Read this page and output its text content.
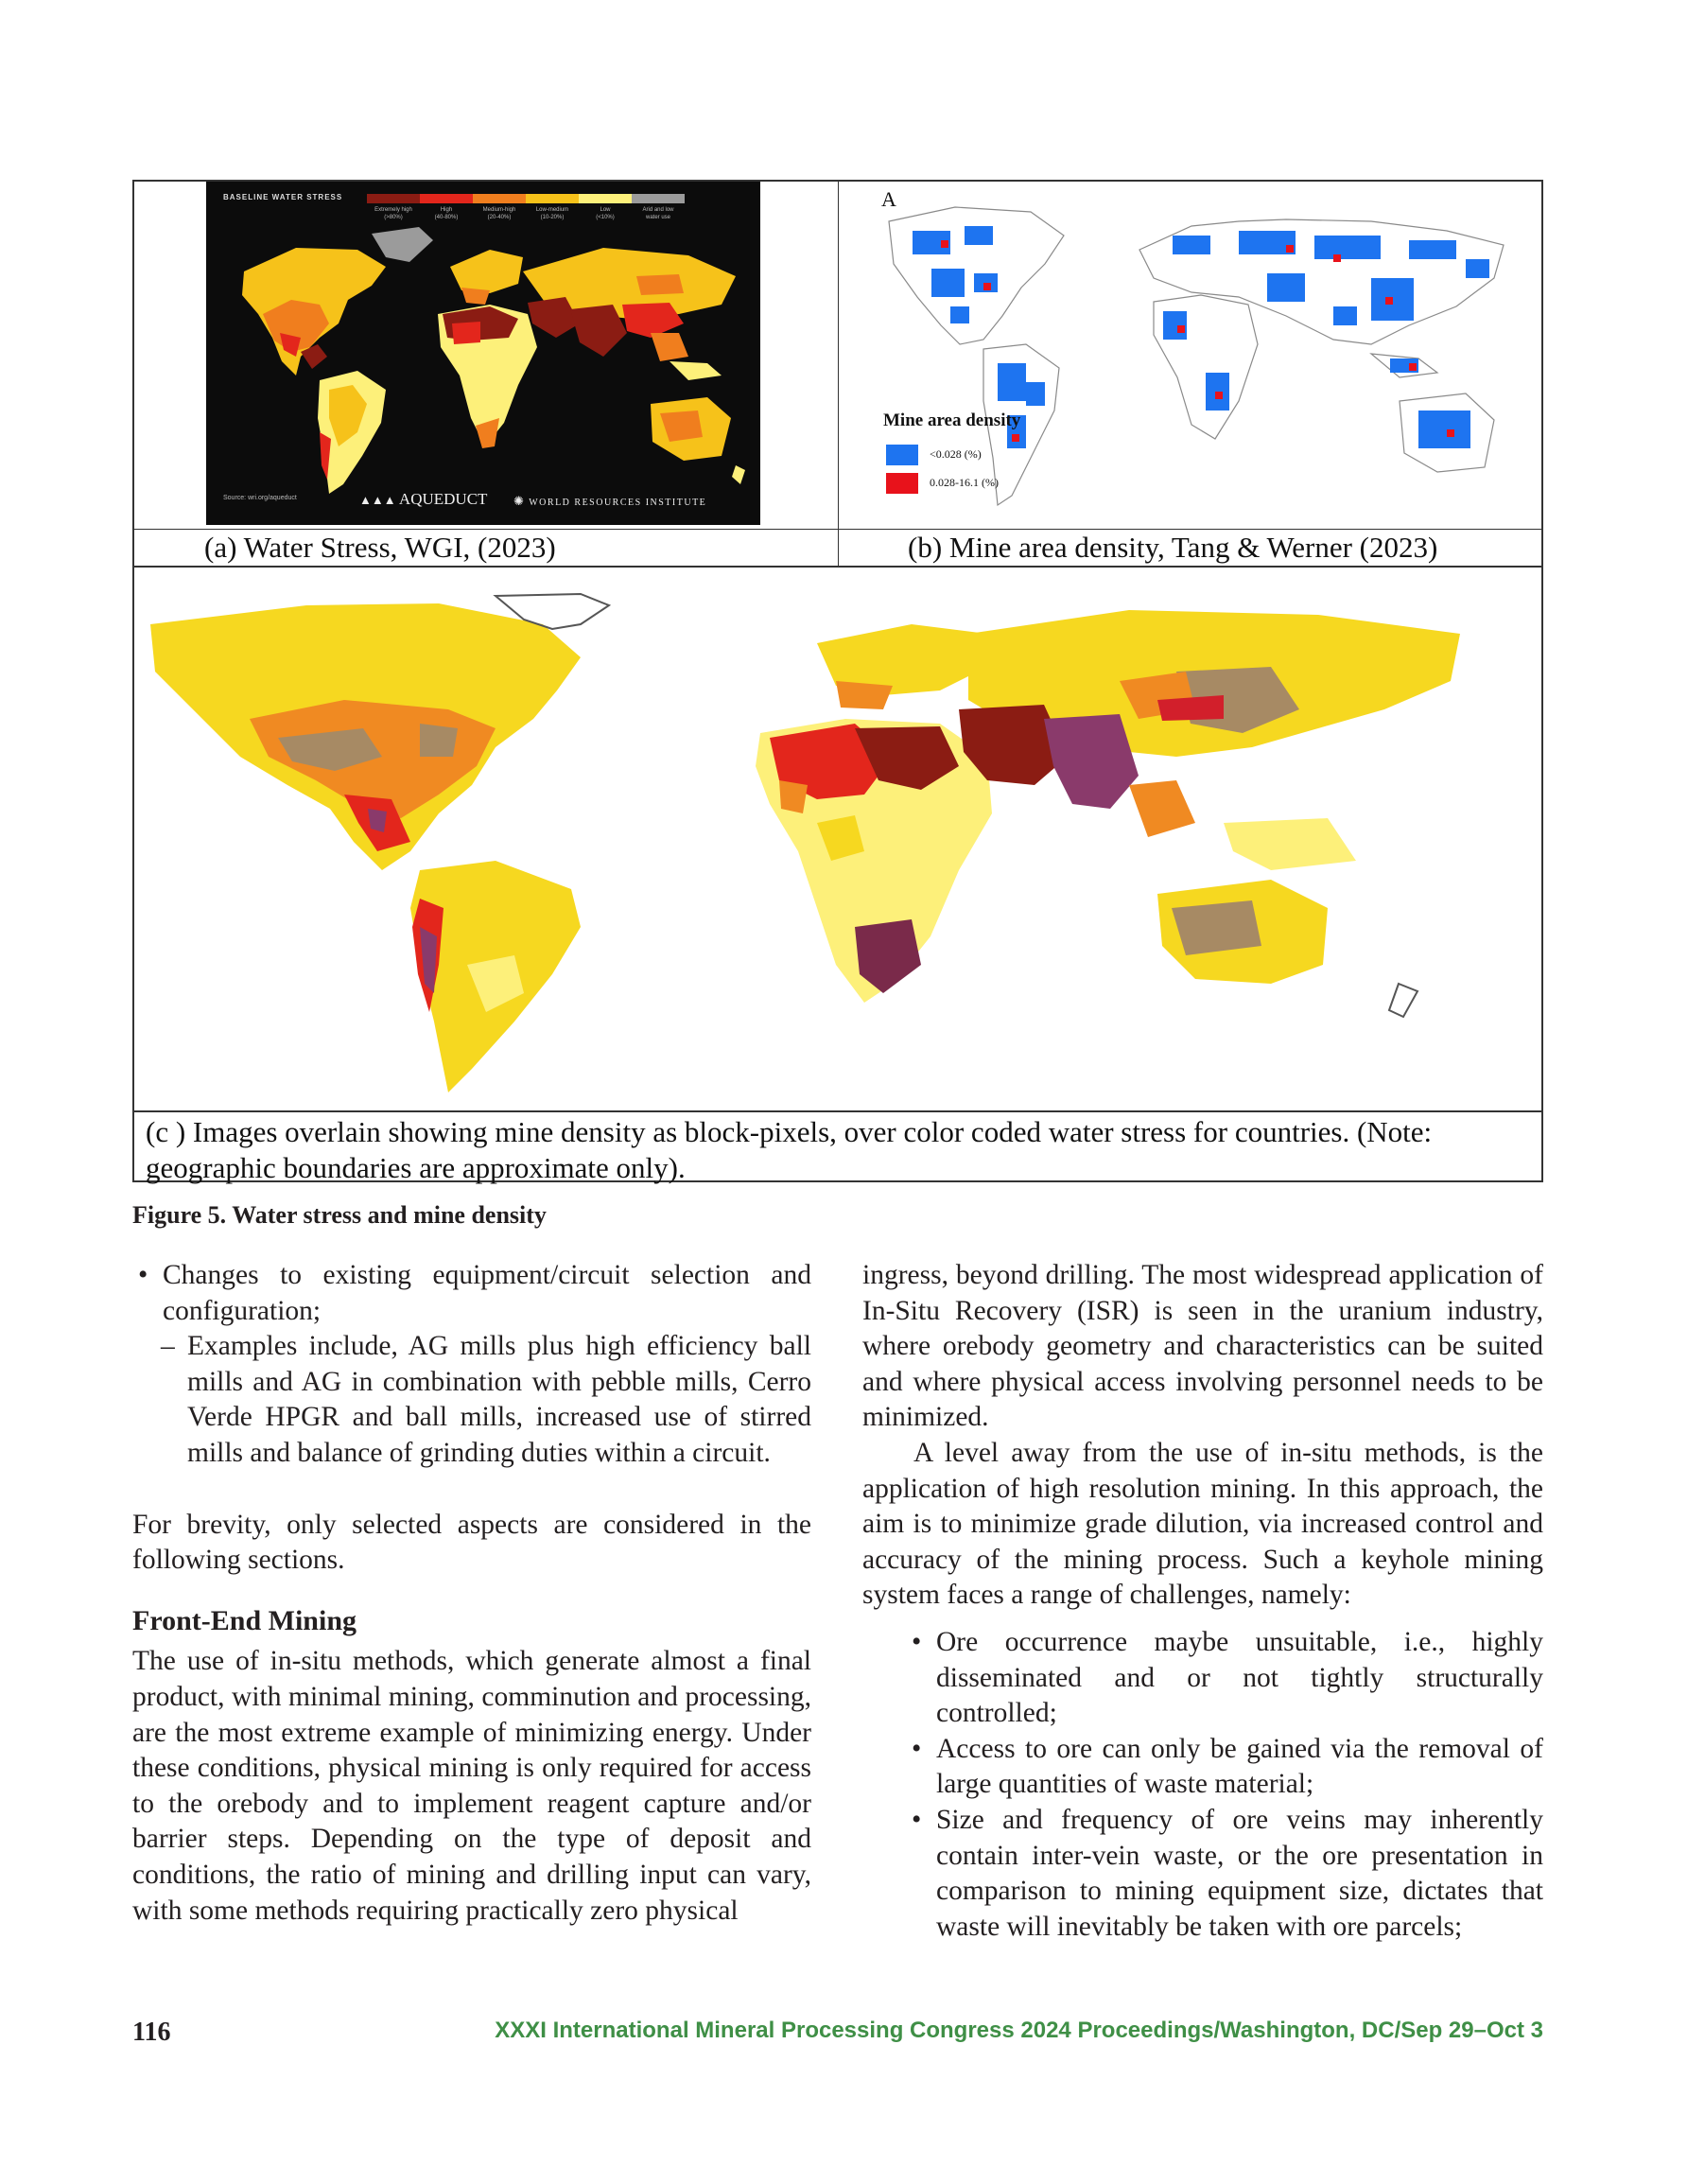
BASELINE WATER STRESS
Extremely high
(>80%)
High
(40-80%)
Medium-high
(20-40%)
Low-medium
(10-20%)
Low
(<10%)
Arid and low
water use
Source: wri.org/aqueduct	▲▲▲ AQUEDUCT ✺ WORLD RESOURCES INSTITUTE
A
Mine area density
<0.028 (%)
0.028-16.1 (%)
(a) Water Stress, WGI, (2023)	(b) Mine area density, Tang & Werner (2023)
(c ) Images overlain showing mine density as block-pixels, over color coded water stress for countries. (Note: geographic boundaries are approximate only).
Figure 5. Water stress and mine density
• Changes to existing equipment/circuit selection and configuration;

– Examples include, AG mills plus high efficiency ball mills and AG in combination with pebble mills, Cerro Verde HPGR and ball mills, increased use of stirred mills and balance of grinding duties within a circuit.

For brevity, only selected aspects are considered in the following sections.

Front-End Mining

The use of in-situ methods, which generate almost a final product, with minimal mining, comminution and processing, are the most extreme example of minimizing energy. Under these conditions, physical mining is only required for access to the orebody and to implement reagent capture and/or barrier steps. Depending on the type of deposit and conditions, the ratio of mining and drilling input can vary, with some methods requiring practically zero physical

ingress, beyond drilling. The most widespread application of In-Situ Recovery (ISR) is seen in the uranium industry, where orebody geometry and characteristics can be suited and where physical access involving personnel needs to be minimized.

A level away from the use of in-situ methods, is the application of high resolution mining. In this approach, the aim is to minimize grade dilution, via increased control and accuracy of the mining process. Such a keyhole mining system faces a range of challenges, namely:

• Ore occurrence maybe unsuitable, i.e., highly disseminated and or not tightly structurally controlled;

• Access to ore can only be gained via the removal of large quantities of waste material;

• Size and frequency of ore veins may inherently contain inter-vein waste, or the ore presentation in comparison to mining equipment size, dictates that waste will inevitably be taken with ore parcels;

116	XXXI International Mineral Processing Congress 2024 Proceedings/Washington, DC/Sep 29–Oct 3
